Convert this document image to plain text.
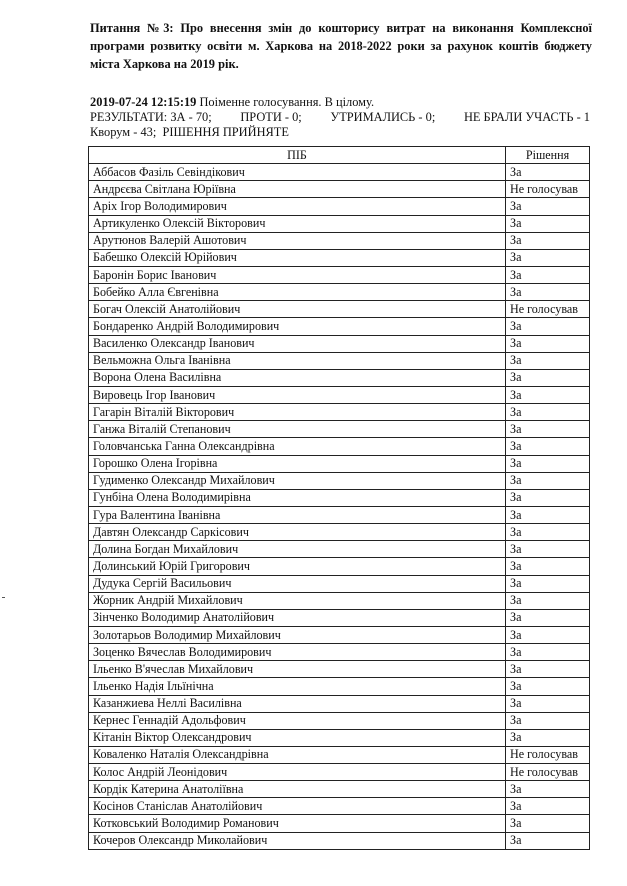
Питання №3: Про внесення змін до кошторису витрат на виконання Комплексної програми розвитку освіти м. Харкова на 2018-2022 роки за рахунок коштів бюджету міста Харкова на 2019 рік.
2019-07-24 12:15:19 Поіменне голосування. В цілому.
РЕЗУЛЬТАТИ: ЗА - 70; ПРОТИ - 0; УТРИМАЛИСЬ - 0; НЕ БРАЛИ УЧАСТЬ - 1
Кворум - 43; РІШЕННЯ ПРИЙНЯТЕ
ПІБ	Рішення
Аббасов Фазіль Севіндікович	За
Андрєєва Світлана Юріївна	Не голосував
Аріх Ігор Володимирович	За
Артикуленко Олексій Вікторович	За
Арутюнов Валерій Ашотович	За
Бабешко Олексій Юрійович	За
Баронін Борис Іванович	За
Бобейко Алла Євгенівна	За
Богач Олексій Анатолійович	Не голосував
Бондаренко Андрій Володимирович	За
Василенко Олександр Іванович	За
Вельможна Ольга Іванівна	За
Ворона Олена Василівна	За
Вировець Ігор Іванович	За
Гагарін Віталій Вікторович	За
Ганжа Віталій Степанович	За
Головчанська Ганна Олександрівна	За
Горошко Олена Ігорівна	За
Гудименко Олександр Михайлович	За
Гунбіна Олена Володимирівна	За
Гура Валентина Іванівна	За
Давтян Олександр Саркісович	За
Долина Богдан Михайлович	За
Долинський Юрій Григорович	За
Дудука Сергій Васильович	За
Жорник Андрій Михайлович	За
Зінченко Володимир Анатолійович	За
Золотарьов Володимир Михайлович	За
Зоценко Вячеслав Володимирович	За
Ільенко В'ячеслав Михайлович	За
Ільенко Надія Ільїнічна	За
Казанжиева Неллі Василівна	За
Кернес Геннадій Адольфович	За
Кітанін Віктор Олександрович	За
Коваленко Наталія Олександрівна	Не голосував
Колос Андрій Леонідович	Не голосував
Кордік Катерина Анатоліївна	За
Косінов Станіслав Анатолійович	За
Котковський Володимир Романович	За
Кочеров Олександр Миколайович	За
